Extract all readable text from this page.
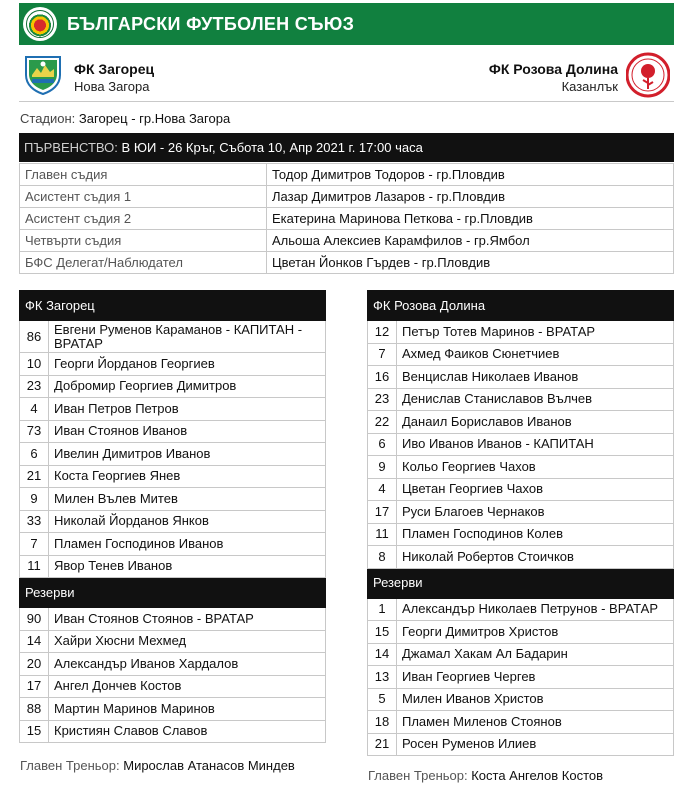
БЪЛГАРСКИ ФУТБОЛЕН СЪЮЗ
ФК Загорец
Нова Загора
ФК Розова Долина
Казанлък
Стадион: Загорец - гр.Нова Загора
ПЪРВЕНСТВО:
В ЮИ - 26 Кръг, Събота 10, Апр 2021 г. 17:00 часа
Главен съдия	Тодор Димитров Тодоров - гр.Пловдив
Асистент съдия 1	Лазар Димитров Лазаров - гр.Пловдив
Асистент съдия 2	Екатерина Маринова Петкова - гр.Пловдив
Четвърти съдия	Альоша Алексиев Карамфилов - гр.Ямбол
БФС Делегат/Наблюдател	Цветан Йонков Гърдев - гр.Пловдив
ФК Загорец	
86	Евгени Руменов Караманов - КАПИТАН - ВРАТАР
10	Георги Йорданов Георгиев
23	Добромир Георгиев Димитров
4	Иван Петров Петров
73	Иван Стоянов Иванов
6	Ивелин Димитров Иванов
21	Коста Георгиев Янев
9	Милен Вълев Митев
33	Николай Йорданов Янков
7	Пламен Господинов Иванов
11	Явор Тенев Иванов
Резерви	
90	Иван Стоянов Стоянов - ВРАТАР
14	Хайри Хюсни Мехмед
20	Александър Иванов Хардалов
17	Ангел Дончев Костов
88	Мартин Маринов Маринов
15	Кристиян Славов Славов
Главен Треньор: Мирослав Атанасов Миндев
ФК Розова Долина	
12	Петър Тотев Маринов - ВРАТАР
7	Ахмед Фаиков Сюнетчиев
16	Венцислав Николаев Иванов
23	Денислав Станиславов Вълчев
22	Данаил Бориславов Иванов
6	Иво Иванов Иванов - КАПИТАН
9	Кольо Георгиев Чахов
4	Цветан Георгиев Чахов
17	Руси Благоев Чернаков
11	Пламен Господинов Колев
8	Николай Робертов Стоичков
Резерви	
1	Александър Николаев Петрунов - ВРАТАР
15	Георги Димитров Христов
14	Джамал Хакам Ал Бадарин
13	Иван Георгиев Чергев
5	Милен Иванов Христов
18	Пламен Миленов Стоянов
21	Росен Руменов Илиев
Главен Треньор: Коста Ангелов Костов
